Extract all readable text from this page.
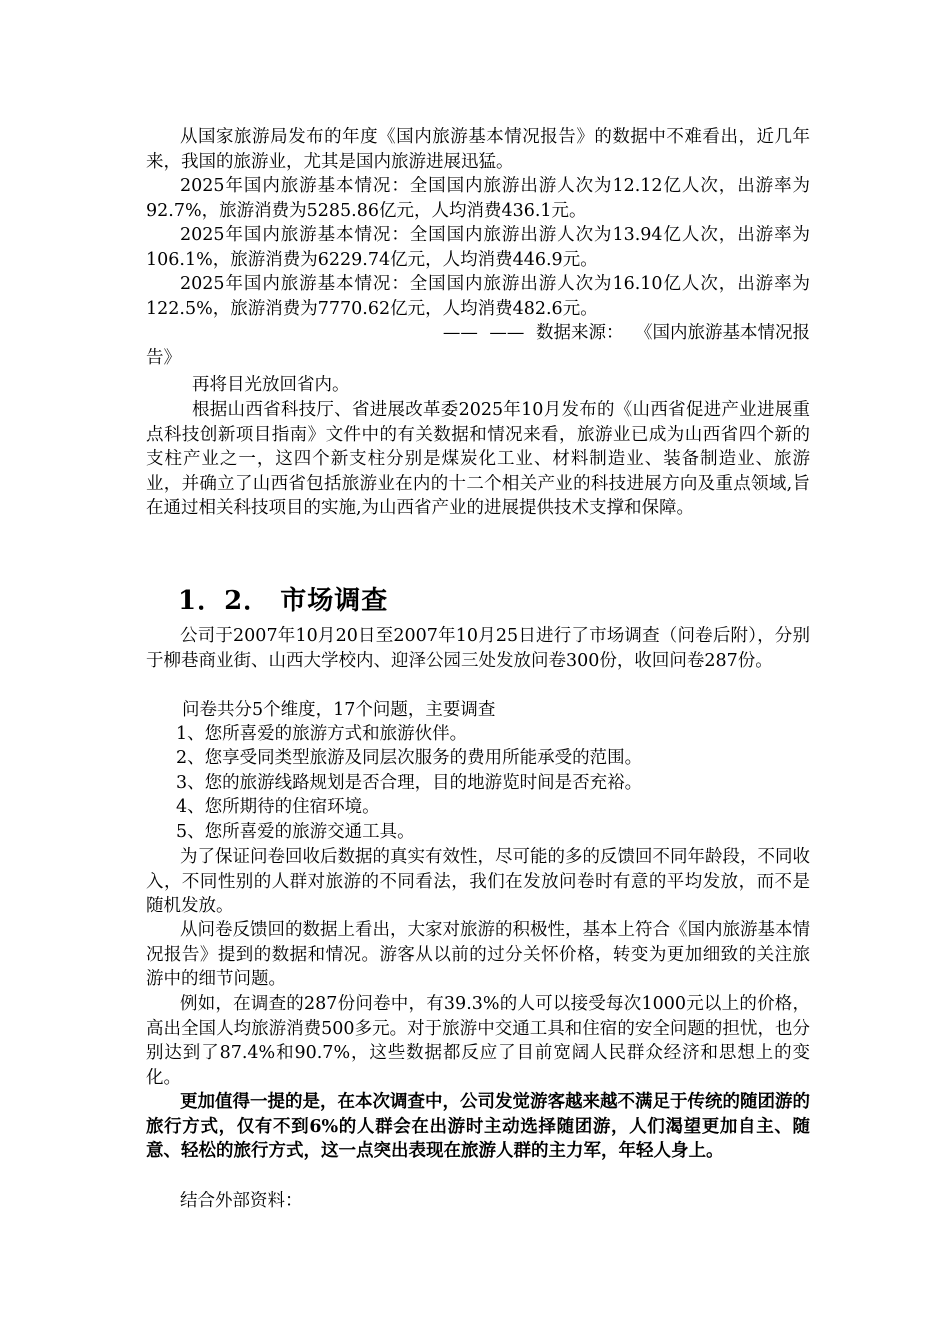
从国家旅游局发布的年度《国内旅游基本情况报告》的数据中不难看出，近几年来，我国的旅游业，尤其是国内旅游进展迅猛。

2025年国内旅游基本情况：全国国内旅游出游人次为12.12亿人次，出游率为92.7%，旅游消费为5285.86亿元，人均消费436.1元。

2025年国内旅游基本情况：全国国内旅游出游人次为13.94亿人次，出游率为106.1%，旅游消费为6229.74亿元，人均消费446.9元。

2025年国内旅游基本情况：全国国内旅游出游人次为16.10亿人次，出游率为122.5%，旅游消费为7770.62亿元，人均消费482.6元。

—— —— 数据来源： 《国内旅游基本情况报
告》

再将目光放回省内。

根据山西省科技厅、省进展改革委2025年10月发布的《山西省促进产业进展重点科技创新项目指南》文件中的有关数据和情况来看，旅游业已成为山西省四个新的支柱产业之一，这四个新支柱分别是煤炭化工业、材料制造业、装备制造业、旅游业，并确立了山西省包括旅游业在内的十二个相关产业的科技进展方向及重点领域,旨在通过相关科技项目的实施,为山西省产业的进展提供技术支撑和保障。

1．2． 市场调查

公司于2007年10月20日至2007年10月25日进行了市场调查（问卷后附），分别于柳巷商业街、山西大学校内、迎泽公园三处发放问卷300份，收回问卷287份。

问卷共分5个维度，17个问题，主要调查

1、您所喜爱的旅游方式和旅游伙伴。

2、您享受同类型旅游及同层次服务的费用所能承受的范围。

3、您的旅游线路规划是否合理，目的地游览时间是否充裕。

4、您所期待的住宿环境。

5、您所喜爱的旅游交通工具。

为了保证问卷回收后数据的真实有效性，尽可能的多的反馈回不同年龄段，不同收入，不同性别的人群对旅游的不同看法，我们在发放问卷时有意的平均发放，而不是随机发放。

从问卷反馈回的数据上看出，大家对旅游的积极性，基本上符合《国内旅游基本情况报告》提到的数据和情况。游客从以前的过分关怀价格，转变为更加细致的关注旅游中的细节问题。

例如，在调查的287份问卷中，有39.3%的人可以接受每次1000元以上的价格，高出全国人均旅游消费500多元。对于旅游中交通工具和住宿的安全问题的担忧，也分别达到了87.4%和90.7%，这些数据都反应了目前宽阔人民群众经济和思想上的变化。

更加值得一提的是，在本次调查中，公司发觉游客越来越不满足于传统的随团游的旅行方式，仅有不到6%的人群会在出游时主动选择随团游，人们渴望更加自主、随意、轻松的旅行方式，这一点突出表现在旅游人群的主力军，年轻人身上。

结合外部资料：
